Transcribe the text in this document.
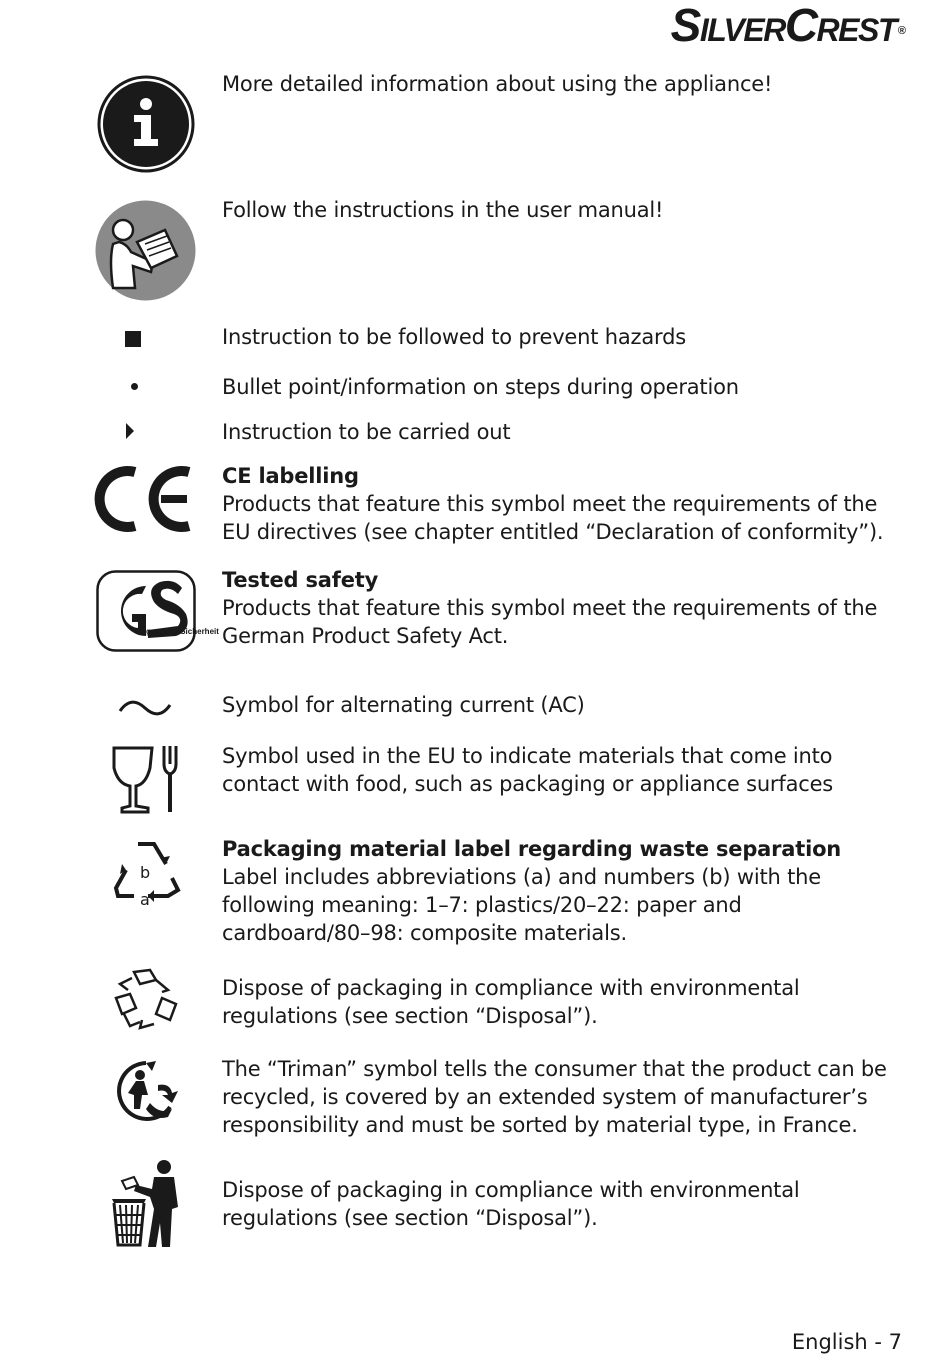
SilverCrest ®
More detailed information about using the appliance!
Follow the instructions in the user manual!
Instruction to be followed to prevent hazards
Bullet point/information on steps during operation
Instruction to be carried out

CE labelling

Products that feature this symbol meet the requirements of the EU directives (see chapter entitled “Declaration of conformity”).

geprüfte Sicherheit

Tested safety

Products that feature this symbol meet the requirements of the German Product Safety Act.

Symbol for alternating current (AC)
Symbol used in the EU to indicate materials that come into contact with food, such as packaging or appliance surfaces
b
a

Packaging material label regarding waste separation

Label includes abbreviations (a) and numbers (b) with the following meaning: 1–7: plastics/20–22: paper and cardboard/80–98: composite materials.

Dispose of packaging in compliance with environmental regulations (see section “Disposal”).
The “Triman” symbol tells the consumer that the product can be recycled, is covered by an extended system of manufacturer’s responsibility and must be sorted by material type, in France.
Dispose of packaging in compliance with environmental regulations (see section “Disposal”).
English - 7
